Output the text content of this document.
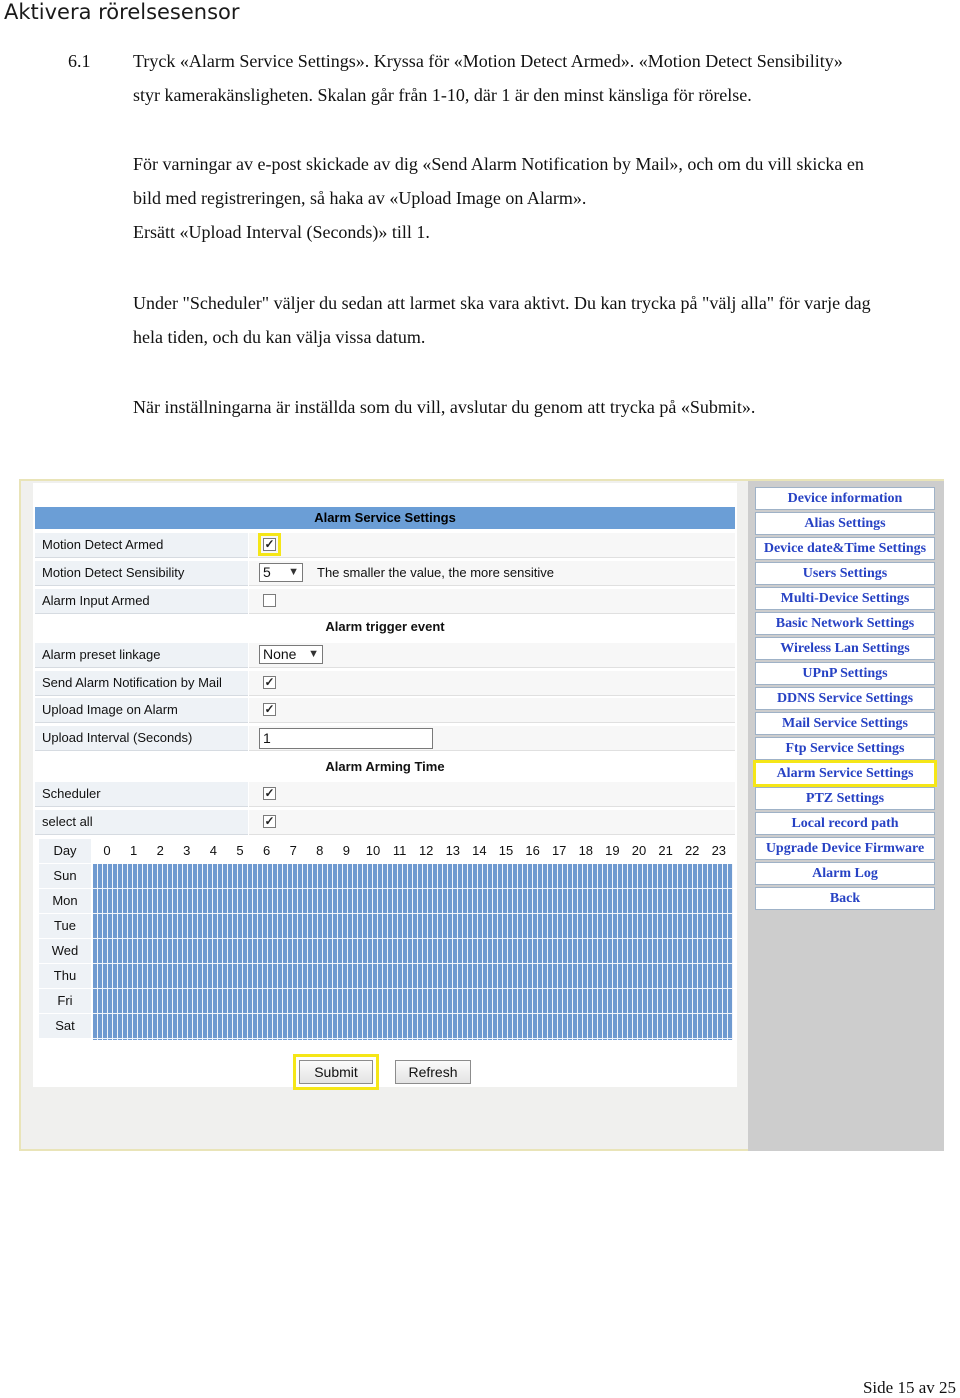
Aktivera rörelsesensor
6.1 Tryck «Alarm Service Settings». Kryssa för «Motion Detect Armed». «Motion Detect Sensibility»
styr kamerakänsligheten. Skalan går från 1-10, där 1 är den minst känsliga för rörelse.

För varningar av e-post skickade av dig «Send Alarm Notification by Mail», och om du vill skicka en
bild med registreringen, så haka av «Upload Image on Alarm».
Ersätt «Upload Interval (Seconds)» till 1.

Under "Scheduler" väljer du sedan att larmet ska vara aktivt. Du kan trycka på "välj alla" för varje dag
hela tiden, och du kan välja vissa datum.

När inställningarna är inställda som du vill, avslutar du genom att trycka på «Submit».

Alarm Service Settings
Motion Detect Armed	✓
Motion Detect Sensibility	5 ▼ The smaller the value, the more sensitive
Alarm Input Armed
Alarm trigger event
Alarm preset linkage	None ▼
Send Alarm Notification by Mail	✓
Upload Image on Alarm	✓
Upload Interval (Seconds)	1
Alarm Arming Time
Scheduler	✓
select all	✓
Day	0	1	2	3	4	5	6	7	8	9	10 11 12 13 14 15 16 17 18 19 20 21 22 23
Sun
Mon
Tue
Wed
Thu
Fri
Sat
Submit	Refresh
Device information
Alias Settings
Device date&Time Settings
Users Settings
Multi-Device Settings
Basic Network Settings
Wireless Lan Settings
UPnP Settings
DDNS Service Settings
Mail Service Settings
Ftp Service Settings
Alarm Service Settings
PTZ Settings
Local record path
Upgrade Device Firmware
Alarm Log
Back
Side 15 av 25
